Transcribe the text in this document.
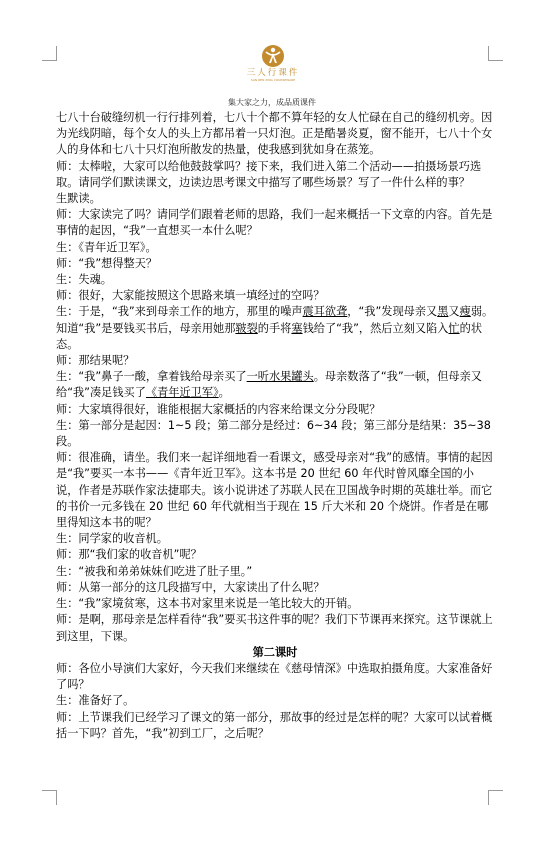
三人行课件
SAN REN XING COURSEWARE
集大家之力，成品质课件

七八十台破缝纫机一行行排列着，七八十个都不算年轻的女人忙碌在自己的缝纫机旁。因为光线阴暗，每个女人的头上方都吊着一只灯泡。正是酷暑炎夏，窗不能开，七八十个女人的身体和七八十只灯泡所散发的热量，使我感到犹如身在蒸笼。

师：太棒啦，大家可以给他鼓鼓掌吗？接下来，我们进入第二个活动——拍摄场景巧选取。请同学们默读课文，边读边思考课文中描写了哪些场景？写了一件什么样的事？

生默读。

师：大家读完了吗？请同学们跟着老师的思路，我们一起来概括一下文章的内容。首先是事情的起因，“我”一直想买一本什么呢？

生：《青年近卫军》。

师：“我”想得整天？

生：失魂。

师：很好，大家能按照这个思路来填一填经过的空吗？

生：于是，“我”来到母亲工作的地方，那里的噪声震耳欲聋，“我”发现母亲又黑又瘦弱。知道“我”是要钱买书后，母亲用她那皲裂的手将塞钱给了“我”，然后立刻又陷入忙的状态。

师：那结果呢？

生：“我”鼻子一酸，拿着钱给母亲买了一听水果罐头。母亲数落了“我”一顿，但母亲又给“我”凑足钱买了《青年近卫军》。

师：大家填得很好，谁能根据大家概括的内容来给课文分分段呢？

生：第一部分是起因：1~5 段；第二部分是经过：6~34 段；第三部分是结果：35~38 段。

师：很准确，请坐。我们来一起详细地看一看课文，感受母亲对“我”的感情。事情的起因是“我”要买一本书——《青年近卫军》。这本书是 20 世纪 60 年代时曾风靡全国的小说，作者是苏联作家法捷耶夫。该小说讲述了苏联人民在卫国战争时期的英雄壮举。而它的书价一元多钱在 20 世纪 60 年代就相当于现在 15 斤大米和 20 个烧饼。作者是在哪里得知这本书的呢？

生：同学家的收音机。

师：那“我们家的收音机”呢？

生：“被我和弟弟妹妹们吃进了肚子里。”

师：从第一部分的这几段描写中，大家读出了什么呢？

生：“我”家境贫寒，这本书对家里来说是一笔比较大的开销。

师：是啊，那母亲是怎样看待“我”要买书这件事的呢？我们下节课再来探究。这节课就上到这里，下课。

第二课时

师：各位小导演们大家好，今天我们来继续在《慈母情深》中选取拍摄角度。大家准备好了吗？

生：准备好了。

师：上节课我们已经学习了课文的第一部分，那故事的经过是怎样的呢？大家可以试着概括一下吗？首先，“我”初到工厂，之后呢？
